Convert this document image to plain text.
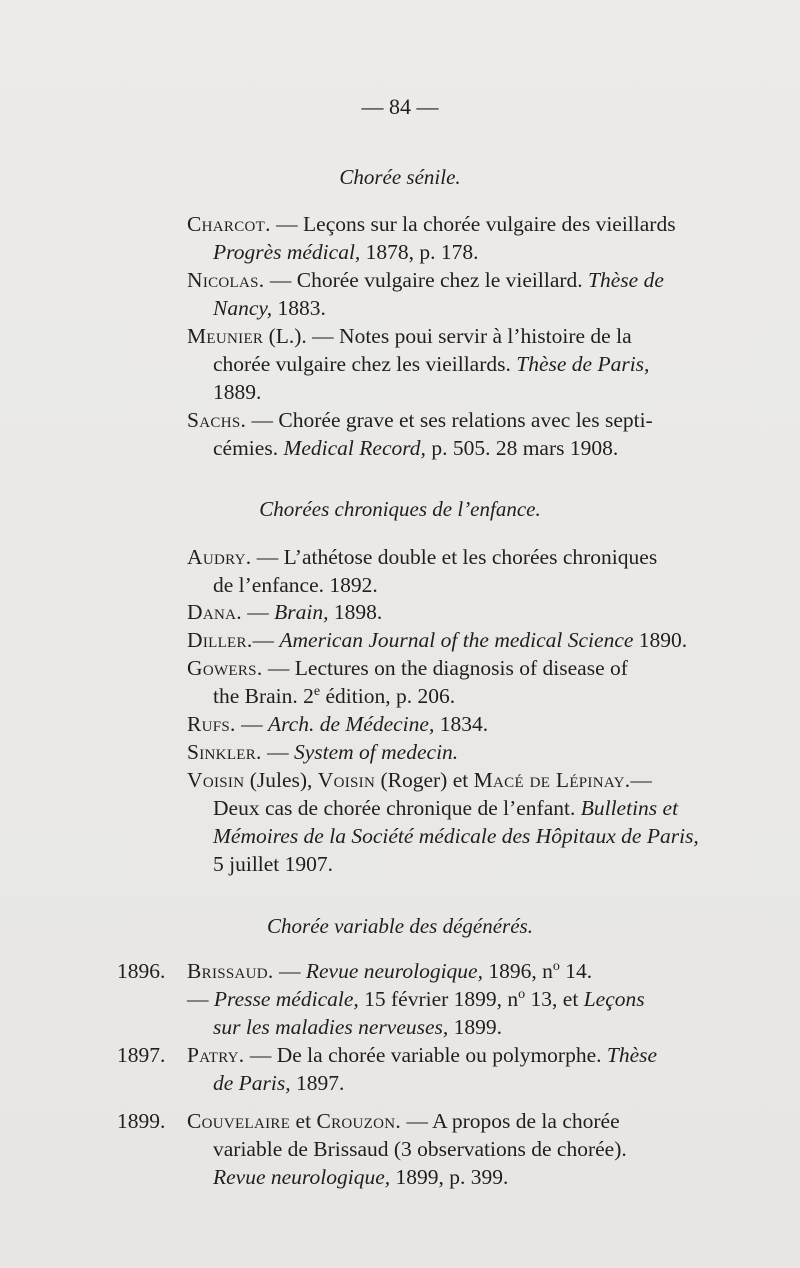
— 84 —
Chorée sénile.
Charcot. — Leçons sur la chorée vulgaire des vieillards
Progrès médical, 1878, p. 178.
Nicolas. — Chorée vulgaire chez le vieillard. Thèse de
Nancy, 1883.
Meunier (L.). — Notes poui servir à l’histoire de la
chorée vulgaire chez les vieillards. Thèse de Paris,
1889.
Sachs. — Chorée grave et ses relations avec les septi-
cémies. Medical Record, p. 505. 28 mars 1908.
Chorées chroniques de l’enfance.
Audry. — L’athétose double et les chorées chroniques
de l’enfance. 1892.
Dana. — Brain, 1898.
Diller.— American Journal of the medical Science 1890.
Gowers. — Lectures on the diagnosis of disease of
the Brain. 2e édition, p. 206.
Rufs. — Arch. de Médecine, 1834.
Sinkler. — System of medecin.
Voisin (Jules), Voisin (Roger) et Macé de Lépinay.—
Deux cas de chorée chronique de l’enfant. Bulletins et
Mémoires de la Société médicale des Hôpitaux de Paris,
5 juillet 1907.
Chorée variable des dégénérés.
1896. Brissaud. — Revue neurologique, 1896, $n^o$ 14.
— Presse médicale, 15 février 1899, $n^o$ 13, et Leçons
sur les maladies nerveuses, 1899.
1897. Patry. — De la chorée variable ou polymorphe. Thèse
de Paris, 1897.
1899. Couvelaire et Crouzon. — A propos de la chorée
variable de Brissaud (3 observations de chorée).
Revue neurologique, 1899, p. 399.
